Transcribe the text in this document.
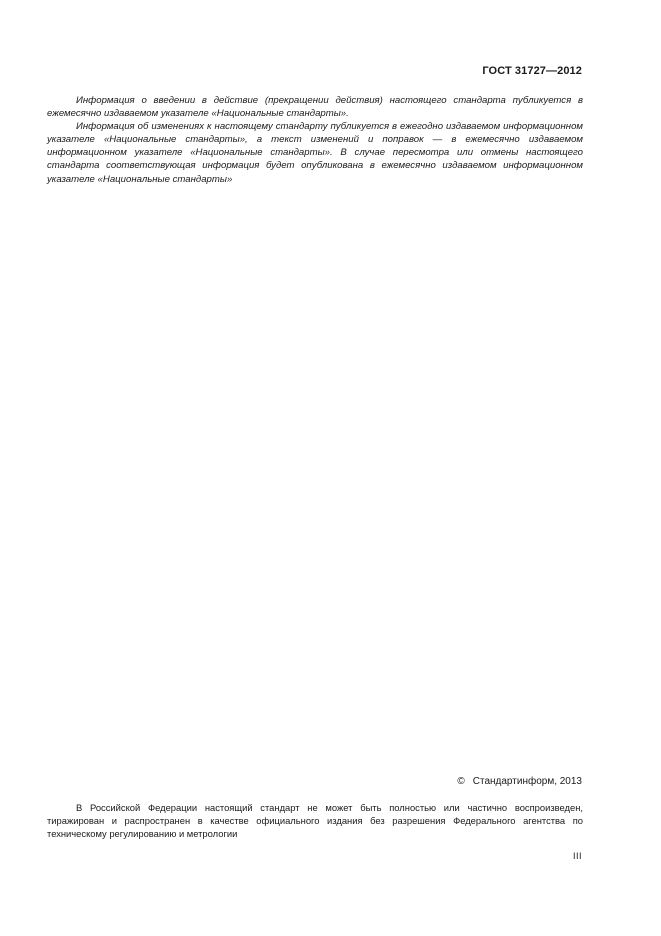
ГОСТ 31727—2012

Информация о введении в действие (прекращении действия) настоящего стандарта публикуется в ежемесячно издаваемом указателе «Национальные стандарты».

Информация об изменениях к настоящему стандарту публикуется в ежегодно издаваемом информационном указателе «Национальные стандарты», а текст изменений и поправок — в ежемесячно издаваемом информационном указателе «Национальные стандарты». В случае пересмотра или отмены настоящего стандарта соответствующая информация будет опубликована в ежемесячно издаваемом информационном указателе «Национальные стандарты»

© Стандартинформ, 2013

В Российской Федерации настоящий стандарт не может быть полностью или частично воспроизведен, тиражирован и распространен в качестве официального издания без разрешения Федерального агентства по техническому регулированию и метрологии

III
